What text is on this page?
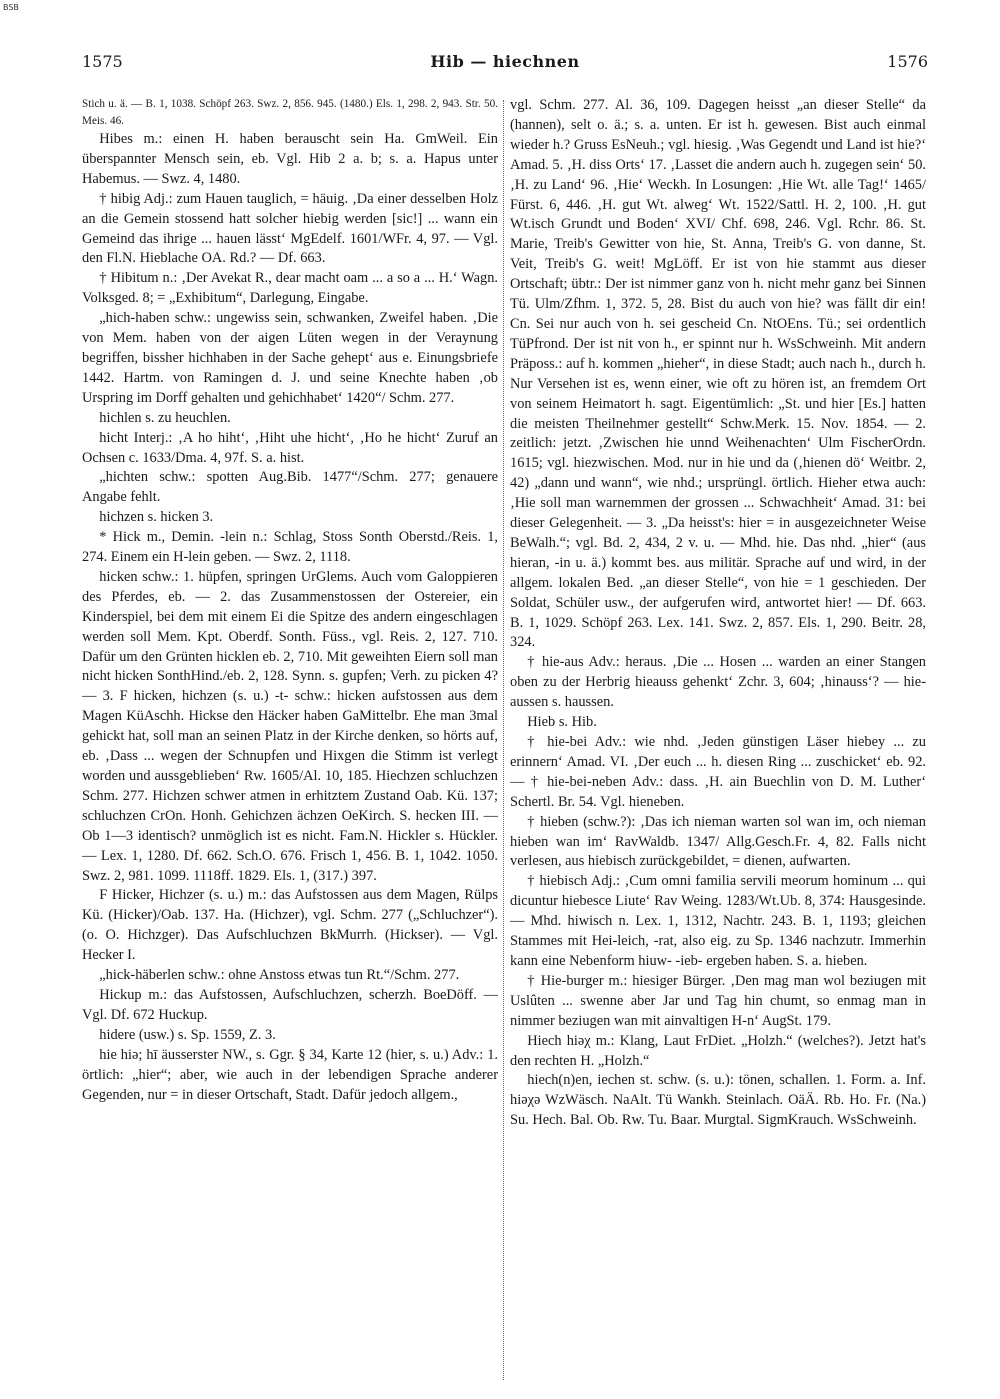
BSB
1575	Hib — hiechnen	1576

Stich u. ä. — B. 1, 1038. Schöpf 263. Swz. 2, 856. 945. (1480.) Els. 1, 298. 2, 943. Str. 50. Meis. 46.

Hibes m.: einen H. haben berauscht sein Ha. GmWeil. Ein überspannter Mensch sein, eb. Vgl. Hib 2 a. b; s. a. Hapus unter Habemus. — Swz. 4, 1480.

† hibig Adj.: zum Hauen tauglich, = häuig. ‚Da einer desselben Holz an die Gemein stossend hatt solcher hiebig werden [sic!] ... wann ein Gemeind das ihrige ... hauen lässt‘ MgEdelf. 1601/WFr. 4, 97. — Vgl. den Fl.N. Hieblache OA. Rd.? — Df. 663.

† Hibitum n.: ‚Der Avekat R., dear macht oam ... a so a ... H.‘ Wagn. Volksged. 8; = „Exhibitum“, Darlegung, Eingabe.

„hich-haben schw.: ungewiss sein, schwanken, Zweifel haben. ‚Die von Mem. haben von der aigen Lüten wegen in der Veraynung begriffen, bissher hichhaben in der Sache gehept‘ aus e. Einungsbriefe 1442. Hartm. von Ramingen d. J. und seine Knechte haben ‚ob Urspring im Dorff gehalten und gehichhabet‘ 1420“/ Schm. 277.

hichlen s. zu heuchlen.

hicht Interj.: ‚A ho hiht‘, ‚Hiht uhe hicht‘, ‚Ho he hicht‘ Zuruf an Ochsen c. 1633/Dma. 4, 97f. S. a. hist.

„hichten schw.: spotten Aug.Bib. 1477“/Schm. 277; genauere Angabe fehlt.

hichzen s. hicken 3.

* Hick m., Demin. -lein n.: Schlag, Stoss Sonth Oberstd./Reis. 1, 274. Einem ein H-lein geben. — Swz. 2, 1118.

hicken schw.: 1. hüpfen, springen UrGlems. Auch vom Galoppieren des Pferdes, eb. — 2. das Zusammenstossen der Ostereier, ein Kinderspiel, bei dem mit einem Ei die Spitze des andern eingeschlagen werden soll Mem. Kpt. Oberdf. Sonth. Füss., vgl. Reis. 2, 127. 710. Dafür um den Grünten hicklen eb. 2, 710. Mit geweihten Eiern soll man nicht hicken SonthHind./eb. 2, 128. Synn. s. gupfen; Verh. zu picken 4? — 3. F hicken, hichzen (s. u.) -t- schw.: hicken aufstossen aus dem Magen KüAschh. Hickse den Häcker haben GaMittelbr. Ehe man 3mal gehickt hat, soll man an seinen Platz in der Kirche denken, so hörts auf, eb. ‚Dass ... wegen der Schnupfen und Hixgen die Stimm ist verlegt worden und aussgeblieben‘ Rw. 1605/Al. 10, 185. Hiechzen schluchzen Schm. 277. Hichzen schwer atmen in erhitztem Zustand Oab. Kü. 137; schluchzen CrOn. Honh. Gehichzen ächzen OeKirch. S. hecken III. — Ob 1—3 identisch? unmöglich ist es nicht. Fam.N. Hickler s. Hückler. — Lex. 1, 1280. Df. 662. Sch.O. 676. Frisch 1, 456. B. 1, 1042. 1050. Swz. 2, 981. 1099. 1118ff. 1829. Els. 1, (317.) 397.

F Hicker, Hichzer (s. u.) m.: das Aufstossen aus dem Magen, Rülps Kü. (Hicker)/Oab. 137. Ha. (Hichzer), vgl. Schm. 277 („Schluchzer“). (o. O. Hichzger). Das Aufschluchzen BkMurrh. (Hickser). — Vgl. Hecker I.

„hick-häberlen schw.: ohne Anstoss etwas tun Rt.“/Schm. 277.

Hickup m.: das Aufstossen, Aufschluchzen, scherzh. BoeDöff. — Vgl. Df. 672 Huckup.

hidere (usw.) s. Sp. 1559, Z. 3.

hie hiə; hī äusserster NW., s. Ggr. § 34, Karte 12 (hier, s. u.) Adv.: 1. örtlich: „hier“; aber, wie auch in der lebendigen Sprache anderer Gegenden, nur = in dieser Ortschaft, Stadt. Dafür jedoch allgem.,

vgl. Schm. 277. Al. 36, 109. Dagegen heisst „an dieser Stelle“ da (hannen), selt o. ä.; s. a. unten. Er ist h. gewesen. Bist auch einmal wieder h.? Gruss EsNeuh.; vgl. hiesig. ‚Was Gegendt und Land ist hie?‘ Amad. 5. ‚H. diss Orts‘ 17. ‚Lasset die andern auch h. zugegen sein‘ 50. ‚H. zu Land‘ 96. ‚Hie‘ Weckh. In Losungen: ‚Hie Wt. alle Tag!‘ 1465/ Fürst. 6, 446. ‚H. gut Wt. alweg‘ Wt. 1522/Sattl. H. 2, 100. ‚H. gut Wt.isch Grundt und Boden‘ XVI/ Chf. 698, 246. Vgl. Rchr. 86. St. Marie, Treib's Gewitter von hie, St. Anna, Treib's G. von danne, St. Veit, Treib's G. weit! MgLöff. Er ist von hie stammt aus dieser Ortschaft; übtr.: Der ist nimmer ganz von h. nicht mehr ganz bei Sinnen Tü. Ulm/Zfhm. 1, 372. 5, 28. Bist du auch von hie? was fällt dir ein! Cn. Sei nur auch von h. sei gescheid Cn. NtOEns. Tü.; sei ordentlich TüPfrond. Der ist nit von h., er spinnt nur h. WsSchweinh. Mit andern Präposs.: auf h. kommen „hieher“, in diese Stadt; auch nach h., durch h. Nur Versehen ist es, wenn einer, wie oft zu hören ist, an fremdem Ort von seinem Heimatort h. sagt. Eigentümlich: „St. und hier [Es.] hatten die meisten Theilnehmer gestellt“ Schw.Merk. 15. Nov. 1854. — 2. zeitlich: jetzt. ‚Zwischen hie unnd Weihenachten‘ Ulm FischerOrdn. 1615; vgl. hiezwischen. Mod. nur in hie und da (‚hienen dö‘ Weitbr. 2, 42) „dann und wann“, wie nhd.; ursprüngl. örtlich. Hieher etwa auch: ‚Hie soll man warnemmen der grossen ... Schwachheit‘ Amad. 31: bei dieser Gelegenheit. — 3. „Da heisst's: hier = in ausgezeichneter Weise BeWalh.“; vgl. Bd. 2, 434, 2 v. u. — Mhd. hie. Das nhd. „hier“ (aus hieran, -in u. ä.) kommt bes. aus militär. Sprache auf und wird, in der allgem. lokalen Bed. „an dieser Stelle“, von hie = 1 geschieden. Der Soldat, Schüler usw., der aufgerufen wird, antwortet hier! — Df. 663. B. 1, 1029. Schöpf 263. Lex. 141. Swz. 2, 857. Els. 1, 290. Beitr. 28, 324.

† hie-aus Adv.: heraus. ‚Die ... Hosen ... warden an einer Stangen oben zu der Herbrig hieauss gehenkt‘ Zchr. 3, 604; ‚hinauss‘? — hie-aussen s. haussen.

Hieb s. Hib.

† hie-bei Adv.: wie nhd. ‚Jeden günstigen Läser hiebey ... zu erinnern‘ Amad. VI. ‚Der euch ... h. diesen Ring ... zuschicket‘ eb. 92. — † hie-bei-neben Adv.: dass. ‚H. ain Buechlin von D. M. Luther‘ Schertl. Br. 54. Vgl. hieneben.

† hieben (schw.?): ‚Das ich nieman warten sol wan im, och nieman hieben wan im‘ RavWaldb. 1347/ Allg.Gesch.Fr. 4, 82. Falls nicht verlesen, aus hiebisch zurückgebildet, = dienen, aufwarten.

† hiebisch Adj.: ‚Cum omni familia servili meorum hominum ... qui dicuntur hiebesce Liute‘ Rav Weing. 1283/Wt.Ub. 8, 374: Hausgesinde. — Mhd. hiwisch n. Lex. 1, 1312, Nachtr. 243. B. 1, 1193; gleichen Stammes mit Hei-leich, -rat, also eig. zu Sp. 1346 nachzutr. Immerhin kann eine Nebenform hiuw- -ieb- ergeben haben. S. a. hieben.

† Hie-burger m.: hiesiger Bürger. ‚Den mag man wol beziugen mit Uslûten ... swenne aber Jar und Tag hin chumt, so enmag man in nimmer beziugen wan mit ainvaltigen H-n‘ AugSt. 179.

Hiech hiəχ m.: Klang, Laut FrDiet. „Holzh.“ (welches?). Jetzt hat's den rechten H. „Holzh.“

hiech(n)en, iechen st. schw. (s. u.): tönen, schallen. 1. Form. a. Inf. hiəχə WzWäsch. NaAlt. Tü Wankh. Steinlach. OäÄ. Rb. Ho. Fr. (Na.) Su. Hech. Bal. Ob. Rw. Tu. Baar. Murgtal. SigmKrauch. WsSchweinh.
